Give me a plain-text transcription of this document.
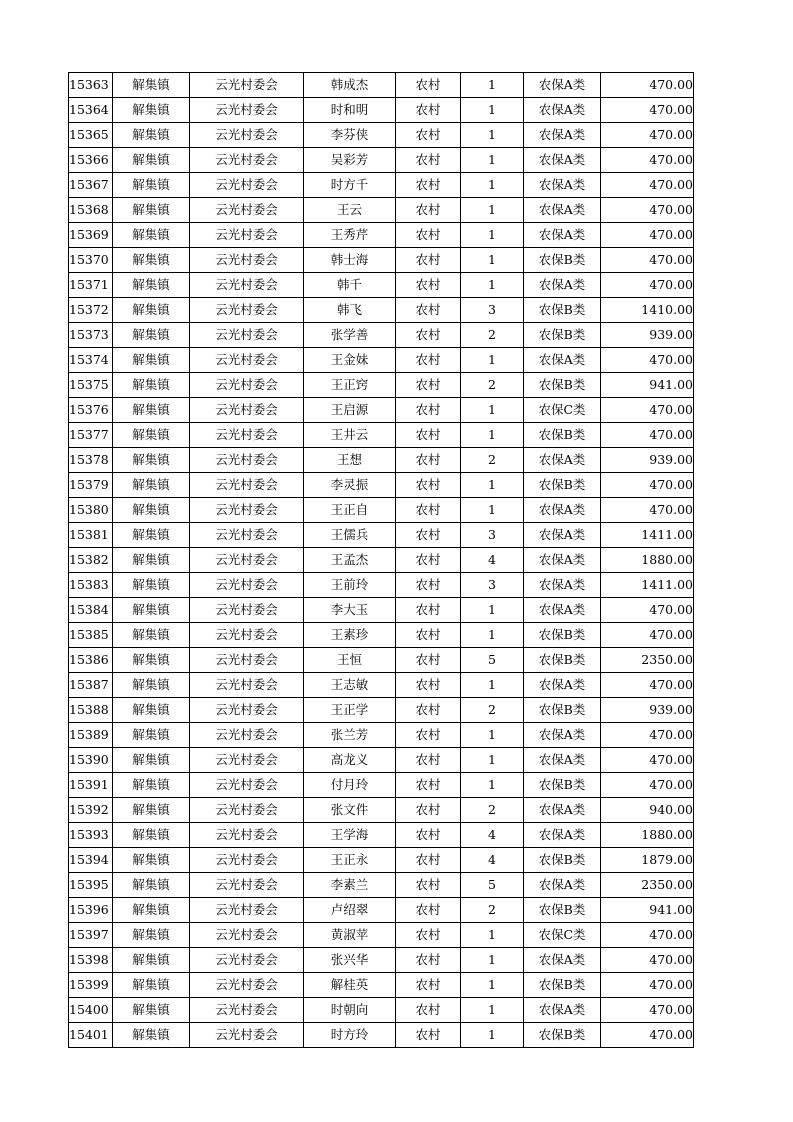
15363	解集镇	云光村委会	韩成杰	农村	1	农保A类	470.00
15364	解集镇	云光村委会	时和明	农村	1	农保A类	470.00
15365	解集镇	云光村委会	李芬侠	农村	1	农保A类	470.00
15366	解集镇	云光村委会	吴彩芳	农村	1	农保A类	470.00
15367	解集镇	云光村委会	时方千	农村	1	农保A类	470.00
15368	解集镇	云光村委会	王云	农村	1	农保A类	470.00
15369	解集镇	云光村委会	王秀芹	农村	1	农保A类	470.00
15370	解集镇	云光村委会	韩士海	农村	1	农保B类	470.00
15371	解集镇	云光村委会	韩千	农村	1	农保A类	470.00
15372	解集镇	云光村委会	韩飞	农村	3	农保B类	1410.00
15373	解集镇	云光村委会	张学善	农村	2	农保B类	939.00
15374	解集镇	云光村委会	王金妹	农村	1	农保A类	470.00
15375	解集镇	云光村委会	王正窍	农村	2	农保B类	941.00
15376	解集镇	云光村委会	王启源	农村	1	农保C类	470.00
15377	解集镇	云光村委会	王井云	农村	1	农保B类	470.00
15378	解集镇	云光村委会	王想	农村	2	农保A类	939.00
15379	解集镇	云光村委会	李灵振	农村	1	农保B类	470.00
15380	解集镇	云光村委会	王正自	农村	1	农保A类	470.00
15381	解集镇	云光村委会	王儒兵	农村	3	农保A类	1411.00
15382	解集镇	云光村委会	王孟杰	农村	4	农保A类	1880.00
15383	解集镇	云光村委会	王前玲	农村	3	农保A类	1411.00
15384	解集镇	云光村委会	李大玉	农村	1	农保A类	470.00
15385	解集镇	云光村委会	王素珍	农村	1	农保B类	470.00
15386	解集镇	云光村委会	王恒	农村	5	农保B类	2350.00
15387	解集镇	云光村委会	王志敏	农村	1	农保A类	470.00
15388	解集镇	云光村委会	王正学	农村	2	农保B类	939.00
15389	解集镇	云光村委会	张兰芳	农村	1	农保A类	470.00
15390	解集镇	云光村委会	高龙义	农村	1	农保A类	470.00
15391	解集镇	云光村委会	付月玲	农村	1	农保B类	470.00
15392	解集镇	云光村委会	张文件	农村	2	农保A类	940.00
15393	解集镇	云光村委会	王学海	农村	4	农保A类	1880.00
15394	解集镇	云光村委会	王正永	农村	4	农保B类	1879.00
15395	解集镇	云光村委会	李素兰	农村	5	农保A类	2350.00
15396	解集镇	云光村委会	卢绍翠	农村	2	农保B类	941.00
15397	解集镇	云光村委会	黄淑苹	农村	1	农保C类	470.00
15398	解集镇	云光村委会	张兴华	农村	1	农保A类	470.00
15399	解集镇	云光村委会	解桂英	农村	1	农保B类	470.00
15400	解集镇	云光村委会	时朝向	农村	1	农保A类	470.00
15401	解集镇	云光村委会	时方玲	农村	1	农保B类	470.00
